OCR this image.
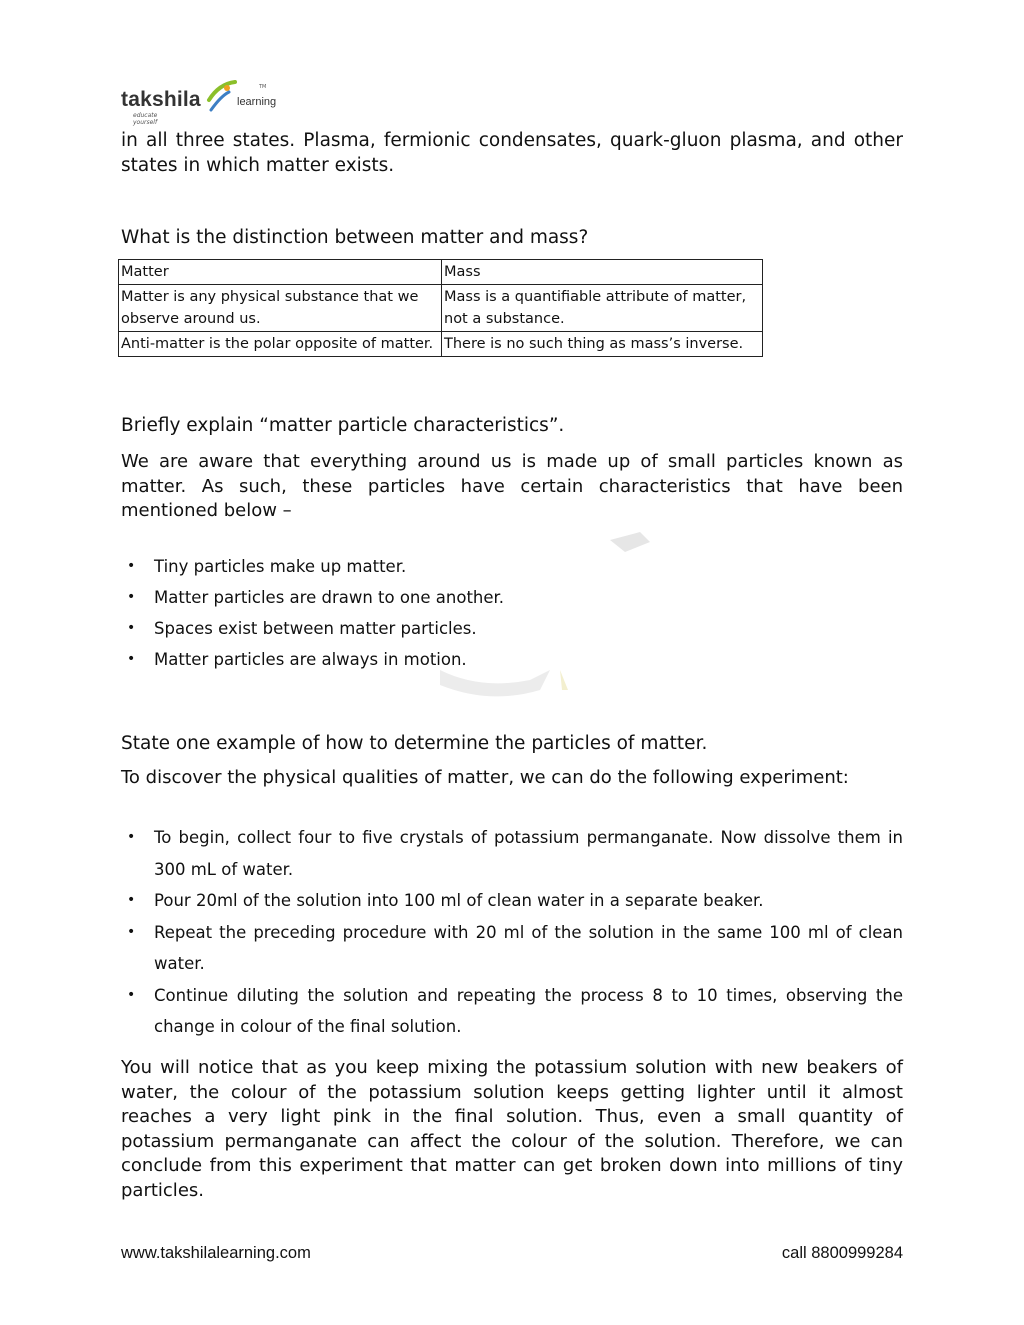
takshila	learning
TM
educate yourself
in all three states. Plasma, fermionic condensates, quark-gluon plasma, and other states in which matter exists.
What is the distinction between matter and mass?
Matter	Mass
Matter is any physical substance that we observe around us.	Mass is a quantifiable attribute of matter, not a substance.
Anti-matter is the polar opposite of matter.	There is no such thing as mass’s inverse.
Briefly explain “matter particle characteristics”.
We are aware that everything around us is made up of small particles known as matter. As such, these particles have certain characteristics that have been mentioned below –
• Tiny particles make up matter.
• Matter particles are drawn to one another.
• Spaces exist between matter particles.
• Matter particles are always in motion.
State one example of how to determine the particles of matter.
To discover the physical qualities of matter, we can do the following experiment:
• To begin, collect four to five crystals of potassium permanganate. Now dissolve them in 300 mL of water.
• Pour 20ml of the solution into 100 ml of clean water in a separate beaker.
• Repeat the preceding procedure with 20 ml of the solution in the same 100 ml of clean water.
• Continue diluting the solution and repeating the process 8 to 10 times, observing the change in colour of the final solution.
You will notice that as you keep mixing the potassium solution with new beakers of water, the colour of the potassium solution keeps getting lighter until it almost reaches a very light pink in the final solution. Thus, even a small quantity of potassium permanganate can affect the colour of the solution. Therefore, we can conclude from this experiment that matter can get broken down into millions of tiny particles.
www.takshilalearning.com	call 8800999284
